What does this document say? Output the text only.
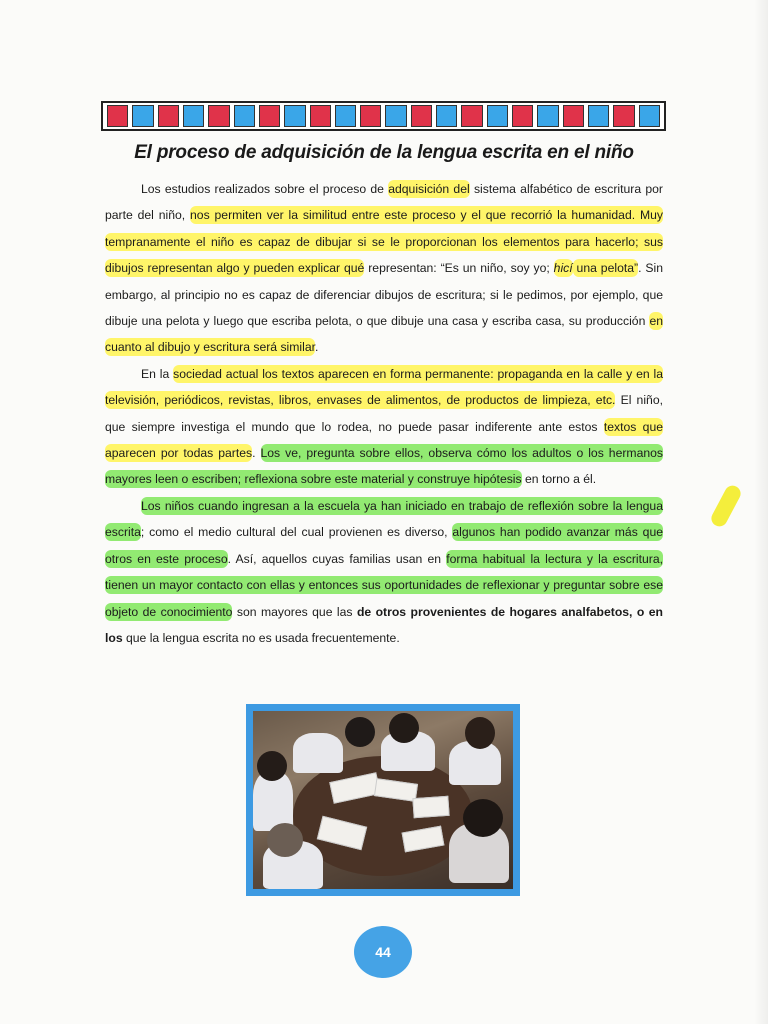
El proceso de adquisición de la lengua escrita en el niño

Los estudios realizados sobre el proceso de adquisición del sistema alfabético de escritura por parte del niño, nos permiten ver la similitud entre este proceso y el que recorrió la humanidad. Muy tempranamente el niño es capaz de dibujar si se le proporcionan los elementos para hacerlo; sus dibujos representan algo y pueden explicar qué representan: “Es un niño, soy yo; hicí una pelota”. Sin embargo, al principio no es capaz de diferenciar dibujos de escritura; si le pedimos, por ejemplo, que dibuje una pelota y luego que escriba pelota, o que dibuje una casa y escriba casa, su producción en cuanto al dibujo y escritura será similar.

En la sociedad actual los textos aparecen en forma permanente: propaganda en la calle y en la televisión, periódicos, revistas, libros, envases de alimentos, de productos de limpieza, etc. El niño, que siempre investiga el mundo que lo rodea, no puede pasar indiferente ante estos textos que aparecen por todas partes. Los ve, pregunta sobre ellos, observa cómo los adultos o los hermanos mayores leen o escriben; reflexiona sobre este material y construye hipótesis en torno a él.

Los niños cuando ingresan a la escuela ya han iniciado en trabajo de reflexión sobre la lengua escrita; como el medio cultural del cual provienen es diverso, algunos han podido avanzar más que otros en este proceso. Así, aquellos cuyas familias usan en forma habitual la lectura y la escritura, tienen un mayor contacto con ellas y entonces sus oportunidades de reflexionar y preguntar sobre ese objeto de conocimiento son mayores que las de otros provenientes de hogares analfabetos, o en los que la lengua escrita no es usada frecuentemente.

44
